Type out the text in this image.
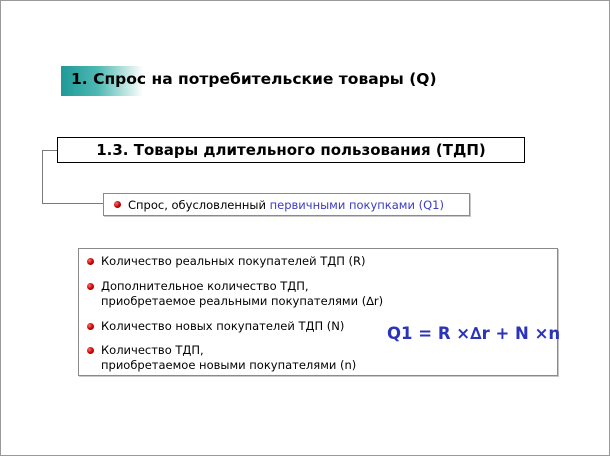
1. Спрос на потребительские товары (Q)
1.3. Товары длительного пользования (ТДП)
Спрос, обусловленный первичными покупками (Q1)
Количество реальных покупателей ТДП (R)
Дополнительное количество ТДП,
приобретаемое реальными покупателями (∆r)
Количество новых покупателей ТДП (N)
Количество ТДП,
приобретаемое новыми покупателями (n)
Q1 = R ×∆r + N ×n
